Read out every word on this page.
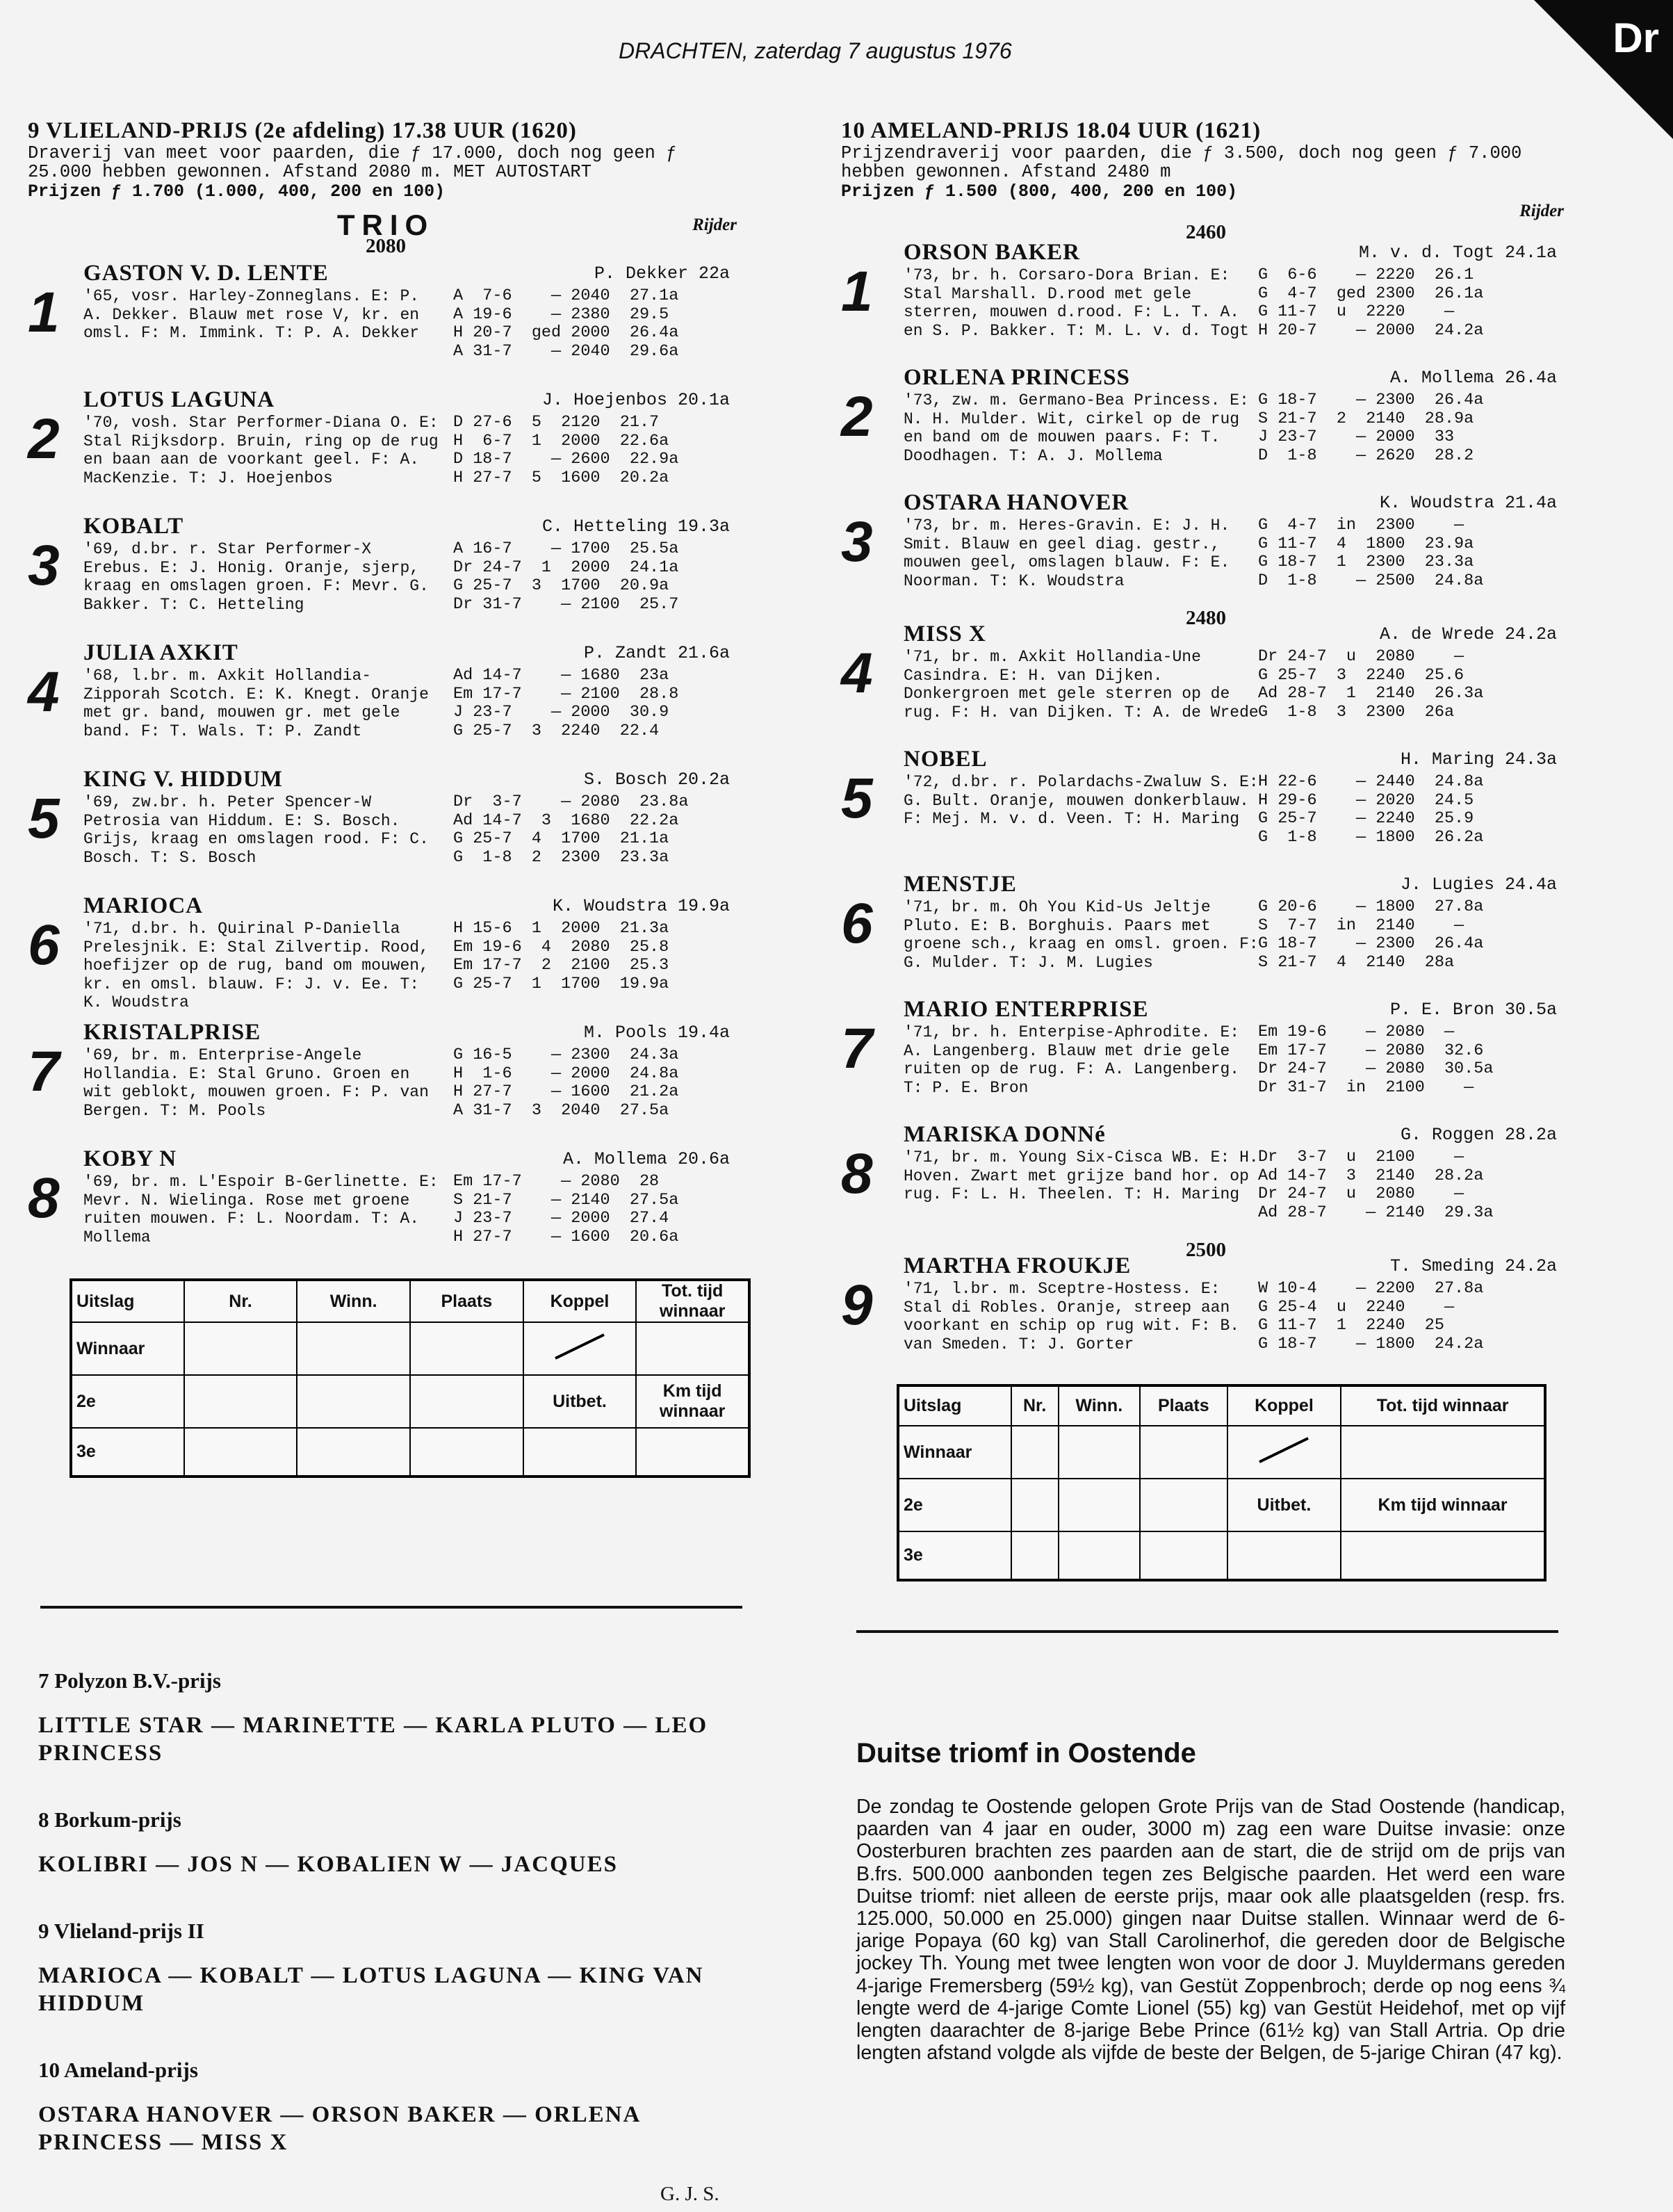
Dr
DRACHTEN, zaterdag 7 augustus 1976
9 VLIELAND-PRIJS (2e afdeling) 17.38 UUR (1620)
Draverij van meet voor paarden, die ƒ 17.000, doch nog geen ƒ 25.000 hebben gewonnen. Afstand 2080 m. MET AUTOSTART
Prijzen ƒ 1.700 (1.000, 400, 200 en 100)
TRIO	Rijder
2080
1
GASTON V. D. LENTE	P. Dekker 22a
'65, vosr. Harley-Zonneglans. E: P. A. Dekker. Blauw met rose V, kr. en omsl. F: M. Immink. T: P. A. Dekker
A  7-6    — 2040  27.1a
A 19-6    — 2380  29.5
H 20-7  ged 2000  26.4a
A 31-7    — 2040  29.6a
2
LOTUS LAGUNA	J. Hoejenbos 20.1a
'70, vosh. Star Performer-Diana O. E: Stal Rijksdorp. Bruin, ring op de rug en baan aan de voorkant geel. F: A. MacKenzie. T: J. Hoejenbos
D 27-6  5  2120  21.7
H  6-7  1  2000  22.6a
D 18-7    — 2600  22.9a
H 27-7  5  1600  20.2a
3
KOBALT	C. Hetteling 19.3a
'69, d.br. r. Star Performer-X Erebus. E: J. Honig. Oranje, sjerp, kraag en omslagen groen. F: Mevr. G. Bakker. T: C. Hetteling
A 16-7    — 1700  25.5a
Dr 24-7  1  2000  24.1a
G 25-7  3  1700  20.9a
Dr 31-7    — 2100  25.7
4
JULIA AXKIT	P. Zandt 21.6a
'68, l.br. m. Axkit Hollandia-Zipporah Scotch. E: K. Knegt. Oranje met gr. band, mouwen gr. met gele band. F: T. Wals. T: P. Zandt
Ad 14-7    — 1680  23a
Em 17-7    — 2100  28.8
J 23-7    — 2000  30.9
G 25-7  3  2240  22.4
5
KING V. HIDDUM	S. Bosch 20.2a
'69, zw.br. h. Peter Spencer-W Petrosia van Hiddum. E: S. Bosch. Grijs, kraag en omslagen rood. F: C. Bosch. T: S. Bosch
Dr  3-7    — 2080  23.8a
Ad 14-7  3  1680  22.2a
G 25-7  4  1700  21.1a
G  1-8  2  2300  23.3a
6
MARIOCA	K. Woudstra 19.9a
'71, d.br. h. Quirinal P-Daniella Prelesjnik. E: Stal Zilvertip. Rood, hoefijzer op de rug, band om mouwen, kr. en omsl. blauw. F: J. v. Ee. T: K. Woudstra
H 15-6  1  2000  21.3a
Em 19-6  4  2080  25.8
Em 17-7  2  2100  25.3
G 25-7  1  1700  19.9a
7
KRISTALPRISE	M. Pools 19.4a
'69, br. m. Enterprise-Angele Hollandia. E: Stal Gruno. Groen en wit geblokt, mouwen groen. F: P. van Bergen. T: M. Pools
G 16-5    — 2300  24.3a
H  1-6    — 2000  24.8a
H 27-7    — 1600  21.2a
A 31-7  3  2040  27.5a
8
KOBY N	A. Mollema 20.6a
'69, br. m. L'Espoir B-Gerlinette. E: Mevr. N. Wielinga. Rose met groene ruiten mouwen. F: L. Noordam. T: A. Mollema
Em 17-7    — 2080  28
S 21-7    — 2140  27.5a
J 23-7    — 2000  27.4
H 27-7    — 1600  20.6a
Uitslag	Nr.	Winn.	Plaats	Koppel	Tot. tijd winnaar
Winnaar					
2e				Uitbet.	Km tijd winnaar
3e					
10 AMELAND-PRIJS 18.04 UUR (1621)
Prijzendraverij voor paarden, die ƒ 3.500, doch nog geen ƒ 7.000 hebben gewonnen. Afstand 2480 m
Prijzen ƒ 1.500 (800, 400, 200 en 100)
Rijder
2460
1
ORSON BAKER	M. v. d. Togt 24.1a
'73, br. h. Corsaro-Dora Brian. E: Stal Marshall. D.rood met gele sterren, mouwen d.rood. F: L. T. A. en S. P. Bakker. T: M. L. v. d. Togt
G  6-6    — 2220  26.1
G  4-7  ged 2300  26.1a
G 11-7  u  2220    —
H 20-7    — 2000  24.2a
2
ORLENA PRINCESS	A. Mollema 26.4a
'73, zw. m. Germano-Bea Princess. E: N. H. Mulder. Wit, cirkel op de rug en band om de mouwen paars. F: T. Doodhagen. T: A. J. Mollema
G 18-7    — 2300  26.4a
S 21-7  2  2140  28.9a
J 23-7    — 2000  33
D  1-8    — 2620  28.2
3
OSTARA HANOVER	K. Woudstra 21.4a
'73, br. m. Heres-Gravin. E: J. H. Smit. Blauw en geel diag. gestr., mouwen geel, omslagen blauw. F: E. Noorman. T: K. Woudstra
G  4-7  in  2300    —
G 11-7  4  1800  23.9a
G 18-7  1  2300  23.3a
D  1-8    — 2500  24.8a
2480
4
MISS X	A. de Wrede 24.2a
'71, br. m. Axkit Hollandia-Une Casindra. E: H. van Dijken. Donkergroen met gele sterren op de rug. F: H. van Dijken. T: A. de Wrede
Dr 24-7  u  2080    —
G 25-7  3  2240  25.6
Ad 28-7  1  2140  26.3a
G  1-8  3  2300  26a
5
NOBEL	H. Maring 24.3a
'72, d.br. r. Polardachs-Zwaluw S. E: G. Bult. Oranje, mouwen donkerblauw. F: Mej. M. v. d. Veen. T: H. Maring
H 22-6    — 2440  24.8a
H 29-6    — 2020  24.5
G 25-7    — 2240  25.9
G  1-8    — 1800  26.2a
6
MENSTJE	J. Lugies 24.4a
'71, br. m. Oh You Kid-Us Jeltje Pluto. E: B. Borghuis. Paars met groene sch., kraag en omsl. groen. F: G. Mulder. T: J. M. Lugies
G 20-6    — 1800  27.8a
S  7-7  in  2140    —
G 18-7    — 2300  26.4a
S 21-7  4  2140  28a
7
MARIO ENTERPRISE	P. E. Bron 30.5a
'71, br. h. Enterpise-Aphrodite. E: A. Langenberg. Blauw met drie gele ruiten op de rug. F: A. Langenberg. T: P. E. Bron
Em 19-6    — 2080  —
Em 17-7    — 2080  32.6
Dr 24-7    — 2080  30.5a
Dr 31-7  in  2100    —
8
MARISKA DONNé	G. Roggen 28.2a
'71, br. m. Young Six-Cisca WB. E: H. Hoven. Zwart met grijze band hor. op rug. F: L. H. Theelen. T: H. Maring
Dr  3-7  u  2100    —
Ad 14-7  3  2140  28.2a
Dr 24-7  u  2080    —
Ad 28-7    — 2140  29.3a
2500
9
MARTHA FROUKJE	T. Smeding 24.2a
'71, l.br. m. Sceptre-Hostess. E: Stal di Robles. Oranje, streep aan voorkant en schip op rug wit. F: B. van Smeden. T: J. Gorter
W 10-4    — 2200  27.8a
G 25-4  u  2240    —
G 11-7  1  2240  25
G 18-7    — 1800  24.2a
Uitslag	Nr.	Winn.	Plaats	Koppel	Tot. tijd winnaar
Winnaar					
2e				Uitbet.	Km tijd winnaar
3e					
7 Polyzon B.V.-prijs
LITTLE STAR — MARINETTE — KARLA PLUTO — LEO PRINCESS
8 Borkum-prijs
KOLIBRI — JOS N — KOBALIEN W — JACQUES
9 Vlieland-prijs II
MARIOCA — KOBALT — LOTUS LAGUNA — KING VAN HIDDUM
10 Ameland-prijs
OSTARA HANOVER — ORSON BAKER — ORLENA PRINCESS — MISS X
G. J. S.
Duitse triomf in Oostende

De zondag te Oostende gelopen Grote Prijs van de Stad Oostende (handicap, paarden van 4 jaar en ouder, 3000 m) zag een ware Duitse invasie: onze Oosterburen brachten zes paarden aan de start, die de strijd om de prijs van B.frs. 500.000 aanbonden tegen zes Belgische paarden. Het werd een ware Duitse triomf: niet alleen de eerste prijs, maar ook alle plaatsgelden (resp. frs. 125.000, 50.000 en 25.000) gingen naar Duitse stallen. Winnaar werd de 6-jarige Popaya (60 kg) van Stall Carolinerhof, die gereden door de Belgische jockey Th. Young met twee lengten won voor de door J. Muyldermans gereden 4-jarige Fremersberg (59½ kg), van Gestüt Zoppenbroch; derde op nog eens ¾ lengte werd de 4-jarige Comte Lionel (55) kg) van Gestüt Heidehof, met op vijf lengten daarachter de 8-jarige Bebe Prince (61½ kg) van Stall Artria. Op drie lengten afstand volgde als vijfde de beste der Belgen, de 5-jarige Chiran (47 kg).
